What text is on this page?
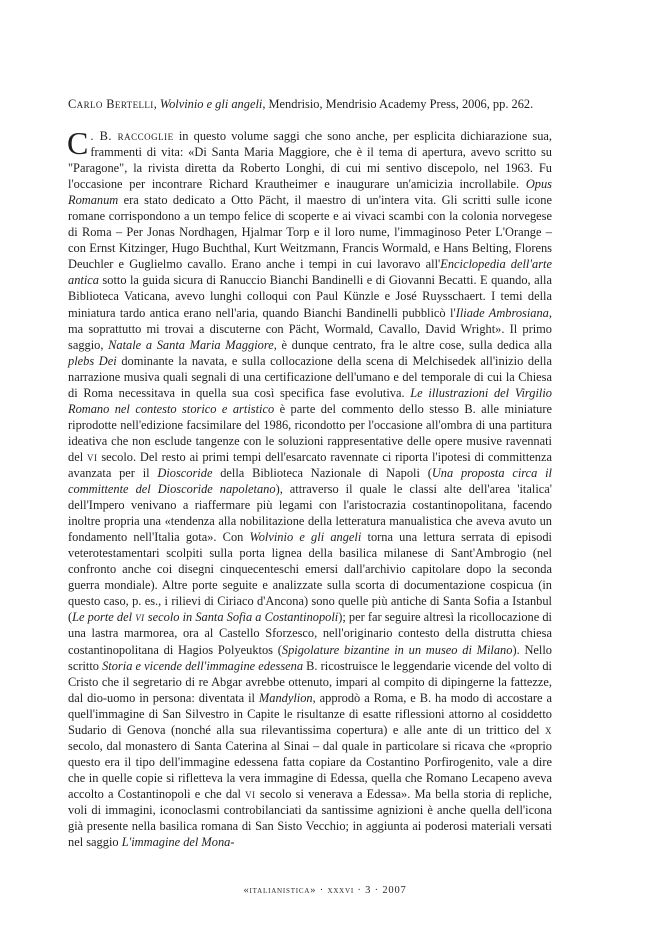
Carlo Bertelli, Wolvinio e gli angeli, Mendrisio, Mendrisio Academy Press, 2006, pp. 262.

C . B. raccoglie in questo volume saggi che sono anche, per esplicita dichiarazione sua, frammenti di vita: «Di Santa Maria Maggiore, che è il tema di apertura, avevo scritto su "Paragone", la rivista diretta da Roberto Longhi, di cui mi sentivo discepolo, nel 1963. Fu l'occasione per incontrare Richard Krautheimer e inaugurare un'amicizia incrollabile. Opus Romanum era stato dedicato a Otto Pächt, il maestro di un'intera vita. Gli scritti sulle icone romane corrispondono a un tempo felice di scoperte e ai vivaci scambi con la colonia norvegese di Roma – Per Jonas Nordhagen, Hjalmar Torp e il loro nume, l'immaginoso Peter L'Orange – con Ernst Kitzinger, Hugo Buchthal, Kurt Weitzmann, Francis Wormald, e Hans Belting, Florens Deuchler e Guglielmo cavallo. Erano anche i tempi in cui lavoravo all'Enciclopedia dell'arte antica sotto la guida sicura di Ranuccio Bianchi Bandinelli e di Giovanni Becatti. E quando, alla Biblioteca Vaticana, avevo lunghi colloqui con Paul Künzle e José Ruysschaert. I temi della miniatura tardo antica erano nell'aria, quando Bianchi Bandinelli pubblicò l'Iliade Ambrosiana, ma soprattutto mi trovai a discuterne con Pächt, Wormald, Cavallo, David Wright». Il primo saggio, Natale a Santa Maria Maggiore, è dunque centrato, fra le altre cose, sulla dedica alla plebs Dei dominante la navata, e sulla collocazione della scena di Melchisedek all'inizio della narrazione musiva quali segnali di una certificazione dell'umano e del temporale di cui la Chiesa di Roma necessitava in quella sua così specifica fase evolutiva. Le illustrazioni del Virgilio Romano nel contesto storico e artistico è parte del commento dello stesso B. alle miniature riprodotte nell'edizione facsimilare del 1986, ricondotto per l'occasione all'ombra di una partitura ideativa che non esclude tangenze con le soluzioni rappresentative delle opere musive ravennati del vi secolo. Del resto ai primi tempi dell'esarcato ravennate ci riporta l'ipotesi di committenza avanzata per il Dioscoride della Biblioteca Nazionale di Napoli (Una proposta circa il committente del Dioscoride napoletano), attraverso il quale le classi alte dell'area 'italica' dell'Impero venivano a riaffermare più legami con l'aristocrazia costantinopolitana, facendo inoltre propria una «tendenza alla nobilitazione della letteratura manualistica che aveva avuto un fondamento nell'Italia gota». Con Wolvinio e gli angeli torna una lettura serrata di episodi veterotestamentari scolpiti sulla porta lignea della basilica milanese di Sant'Ambrogio (nel confronto anche coi disegni cinquecenteschi emersi dall'archivio capitolare dopo la seconda guerra mondiale). Altre porte seguite e analizzate sulla scorta di documentazione cospicua (in questo caso, p. es., i rilievi di Ciriaco d'Ancona) sono quelle più antiche di Santa Sofia a Istanbul (Le porte del vi secolo in Santa Sofia a Costantinopoli); per far seguire altresì la ricollocazione di una lastra marmorea, ora al Castello Sforzesco, nell'originario contesto della distrutta chiesa costantinopolitana di Hagios Polyeuktos (Spigolature bizantine in un museo di Milano). Nello scritto Storia e vicende dell'immagine edessena B. ricostruisce le leggendarie vicende del volto di Cristo che il segretario di re Abgar avrebbe ottenuto, impari al compito di dipingerne la fattezze, dal dio-uomo in persona: diventata il Mandylion, approdò a Roma, e B. ha modo di accostare a quell'immagine di San Silvestro in Capite le risultanze di esatte riflessioni attorno al cosiddetto Sudario di Genova (nonché alla sua rilevantissima copertura) e alle ante di un trittico del x secolo, dal monastero di Santa Caterina al Sinai – dal quale in particolare si ricava che «proprio questo era il tipo dell'immagine edessena fatta copiare da Costantino Porfirogenito, vale a dire che in quelle copie si rifletteva la vera immagine di Edessa, quella che Romano Lecapeno aveva accolto a Costantinopoli e che dal vi secolo si venerava a Edessa». Ma bella storia di repliche, voli di immagini, iconoclasmi controbilanciati da santissime agnizioni è anche quella dell'icona già presente nella basilica romana di San Sisto Vecchio; in aggiunta ai poderosi materiali versati nel saggio L'immagine del Mona-

«italianistica» · xxxvi · 3 · 2007
